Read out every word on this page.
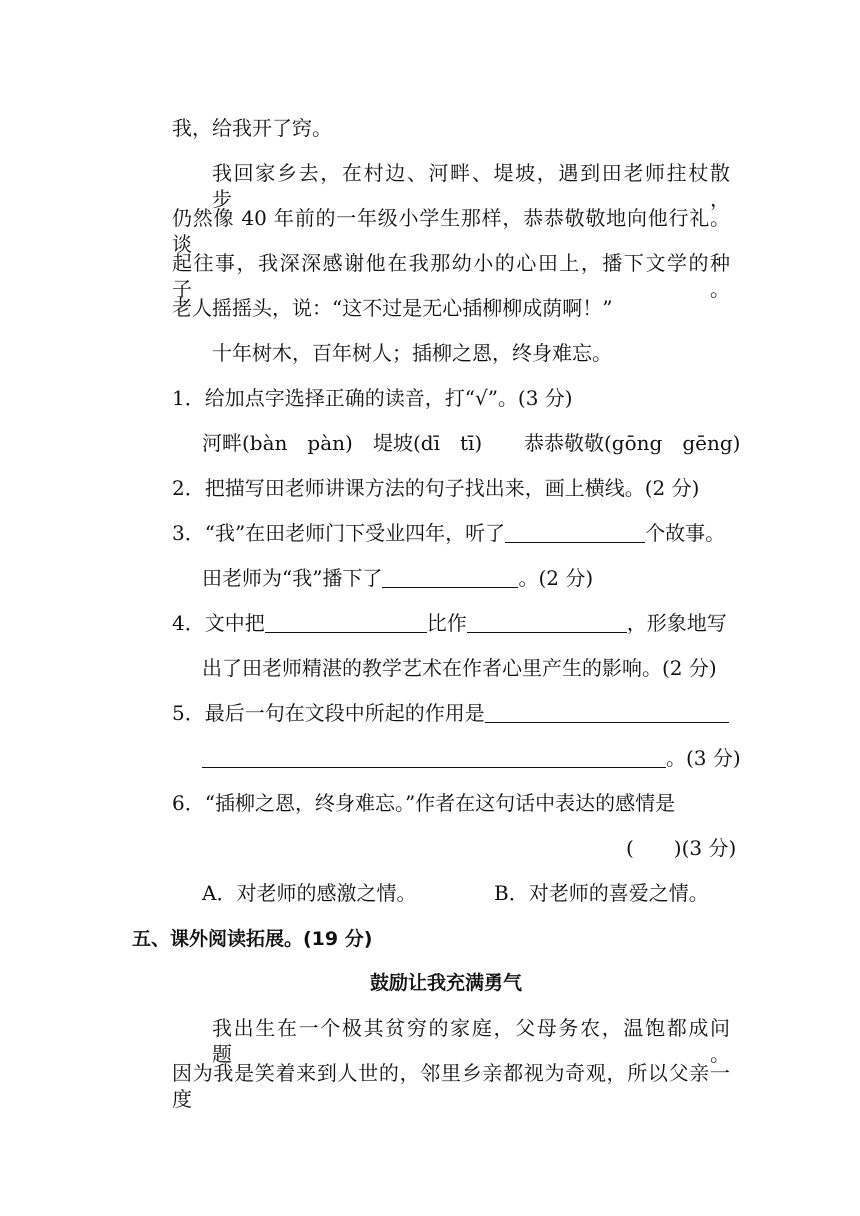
我，给我开了窍。
我回家乡去，在村边、河畔、堤坡，遇到田老师拄杖散步，
仍然像 40 年前的一年级小学生那样，恭恭敬敬地向他行礼。谈
起往事，我深深感谢他在我那幼小的心田上，播下文学的种子。
老人摇摇头，说：“这不过是无心插柳柳成荫啊！”
十年树木，百年树人；插柳之恩，终身难忘。
1．给加点字选择正确的读音，打“√”。(3 分)
河畔(bàn　pàn) 堤坡(dī　tī) 恭恭敬敬(gōng　gēng)
2．把描写田老师讲课方法的句子找出来，画上横线。(2 分)
3．“我”在田老师门下受业四年，听了	个故事。
田老师为“我”播下了	。(2 分)
4．文中把	比作	，形象地写
出了田老师精湛的教学艺术在作者心里产生的影响。(2 分)
5．最后一句在文段中所起的作用是
。(3 分)
6．“插柳之恩，终身难忘。”作者在这句话中表达的感情是
(　　)(3 分)
A．对老师的感激之情。	B．对老师的喜爱之情。
五、课外阅读拓展。(19 分)
鼓励让我充满勇气
我出生在一个极其贫穷的家庭，父母务农，温饱都成问题。
因为我是笑着来到人世的，邻里乡亲都视为奇观，所以父亲一度
